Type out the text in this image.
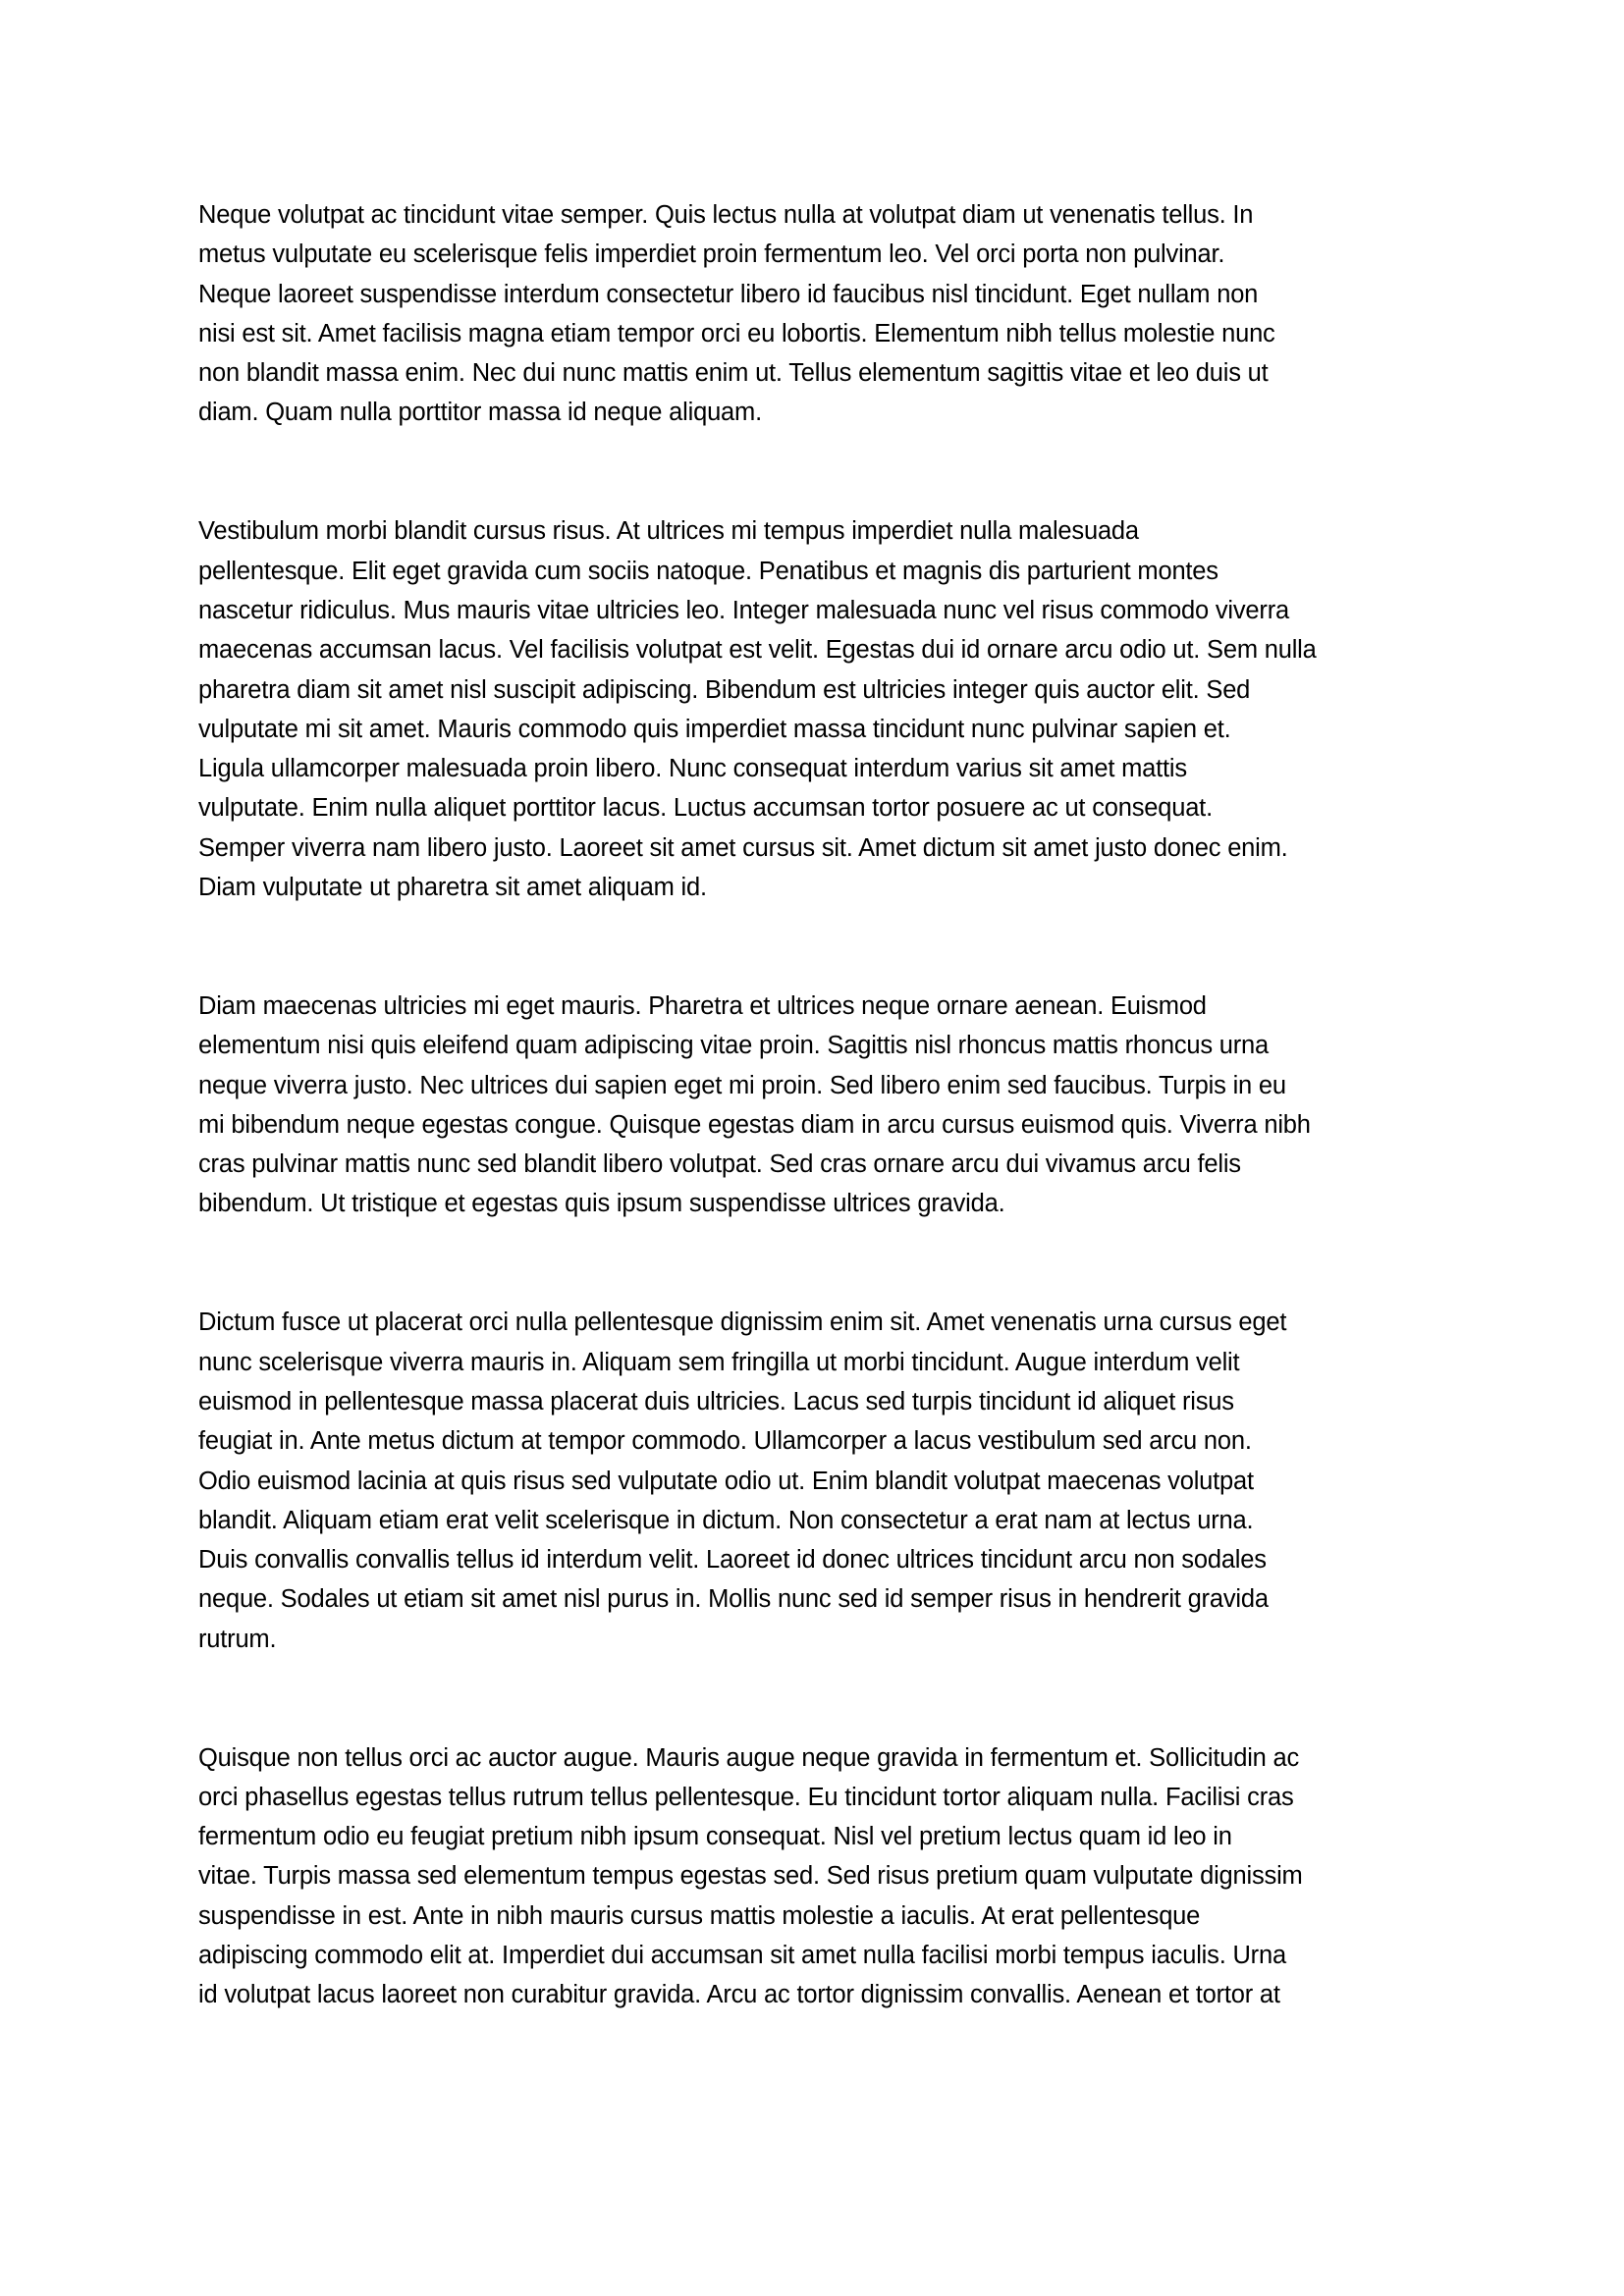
Neque volutpat ac tincidunt vitae semper. Quis lectus nulla at volutpat diam ut venenatis tellus. In
metus vulputate eu scelerisque felis imperdiet proin fermentum leo. Vel orci porta non pulvinar.
Neque laoreet suspendisse interdum consectetur libero id faucibus nisl tincidunt. Eget nullam non
nisi est sit. Amet facilisis magna etiam tempor orci eu lobortis. Elementum nibh tellus molestie nunc
non blandit massa enim. Nec dui nunc mattis enim ut. Tellus elementum sagittis vitae et leo duis ut
diam. Quam nulla porttitor massa id neque aliquam.

Vestibulum morbi blandit cursus risus. At ultrices mi tempus imperdiet nulla malesuada
pellentesque. Elit eget gravida cum sociis natoque. Penatibus et magnis dis parturient montes
nascetur ridiculus. Mus mauris vitae ultricies leo. Integer malesuada nunc vel risus commodo viverra
maecenas accumsan lacus. Vel facilisis volutpat est velit. Egestas dui id ornare arcu odio ut. Sem nulla
pharetra diam sit amet nisl suscipit adipiscing. Bibendum est ultricies integer quis auctor elit. Sed
vulputate mi sit amet. Mauris commodo quis imperdiet massa tincidunt nunc pulvinar sapien et.
Ligula ullamcorper malesuada proin libero. Nunc consequat interdum varius sit amet mattis
vulputate. Enim nulla aliquet porttitor lacus. Luctus accumsan tortor posuere ac ut consequat.
Semper viverra nam libero justo. Laoreet sit amet cursus sit. Amet dictum sit amet justo donec enim.
Diam vulputate ut pharetra sit amet aliquam id.

Diam maecenas ultricies mi eget mauris. Pharetra et ultrices neque ornare aenean. Euismod
elementum nisi quis eleifend quam adipiscing vitae proin. Sagittis nisl rhoncus mattis rhoncus urna
neque viverra justo. Nec ultrices dui sapien eget mi proin. Sed libero enim sed faucibus. Turpis in eu
mi bibendum neque egestas congue. Quisque egestas diam in arcu cursus euismod quis. Viverra nibh
cras pulvinar mattis nunc sed blandit libero volutpat. Sed cras ornare arcu dui vivamus arcu felis
bibendum. Ut tristique et egestas quis ipsum suspendisse ultrices gravida.

Dictum fusce ut placerat orci nulla pellentesque dignissim enim sit. Amet venenatis urna cursus eget
nunc scelerisque viverra mauris in. Aliquam sem fringilla ut morbi tincidunt. Augue interdum velit
euismod in pellentesque massa placerat duis ultricies. Lacus sed turpis tincidunt id aliquet risus
feugiat in. Ante metus dictum at tempor commodo. Ullamcorper a lacus vestibulum sed arcu non.
Odio euismod lacinia at quis risus sed vulputate odio ut. Enim blandit volutpat maecenas volutpat
blandit. Aliquam etiam erat velit scelerisque in dictum. Non consectetur a erat nam at lectus urna.
Duis convallis convallis tellus id interdum velit. Laoreet id donec ultrices tincidunt arcu non sodales
neque. Sodales ut etiam sit amet nisl purus in. Mollis nunc sed id semper risus in hendrerit gravida
rutrum.

Quisque non tellus orci ac auctor augue. Mauris augue neque gravida in fermentum et. Sollicitudin ac
orci phasellus egestas tellus rutrum tellus pellentesque. Eu tincidunt tortor aliquam nulla. Facilisi cras
fermentum odio eu feugiat pretium nibh ipsum consequat. Nisl vel pretium lectus quam id leo in
vitae. Turpis massa sed elementum tempus egestas sed. Sed risus pretium quam vulputate dignissim
suspendisse in est. Ante in nibh mauris cursus mattis molestie a iaculis. At erat pellentesque
adipiscing commodo elit at. Imperdiet dui accumsan sit amet nulla facilisi morbi tempus iaculis. Urna
id volutpat lacus laoreet non curabitur gravida. Arcu ac tortor dignissim convallis. Aenean et tortor at
